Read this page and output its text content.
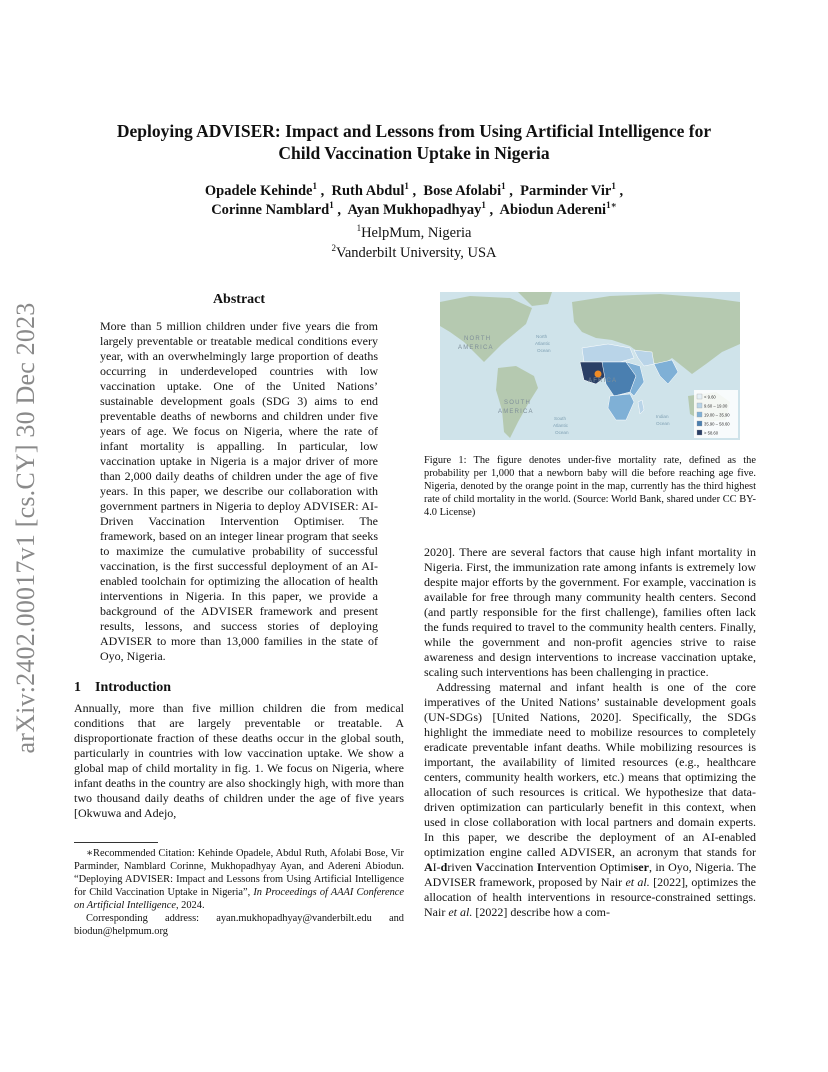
arXiv:2402.00017v1 [cs.CY] 30 Dec 2023
Deploying ADVISER: Impact and Lessons from Using Artificial Intelligence for
Child Vaccination Uptake in Nigeria
Opadele Kehinde$^1$ ,  Ruth Abdul$^1$ ,  Bose Afolabi$^1$ ,  Parminder Vir$^1$ ,
Corinne Namblard$^1$ ,  Ayan Mukhopadhyay$^1$ ,  Abiodun Adereni$^{1∗}$
$^1$HelpMum, Nigeria
$^2$Vanderbilt University, USA
Abstract

More than 5 million children under five years die from largely preventable or treatable medical conditions every year, with an overwhelmingly large proportion of deaths occurring in underdeveloped countries with low vaccination uptake. One of the United Nations’ sustainable development goals (SDG 3) aims to end preventable deaths of newborns and children under five years of age. We focus on Nigeria, where the rate of infant mortality is appalling. In particular, low vaccination uptake in Nigeria is a major driver of more than 2,000 daily deaths of children under the age of five years. In this paper, we describe our collaboration with government partners in Nigeria to deploy ADVISER: AI-Driven Vaccination Intervention Optimiser. The framework, based on an integer linear program that seeks to maximize the cumulative probability of successful vaccination, is the first successful deployment of an AI-enabled toolchain for optimizing the allocation of health interventions in Nigeria. In this paper, we provide a background of the ADVISER framework and present results, lessons, and success stories of deploying ADVISER to more than 13,000 families in the state of Oyo, Nigeria.

1 Introduction

Annually, more than five million children die from medical conditions that are largely preventable or treatable. A disproportionate fraction of these deaths occur in the global south, particularly in countries with low vaccination uptake. We show a global map of child mortality in fig. 1. We focus on Nigeria, where infant deaths in the country are also shockingly high, with more than two thousand daily deaths of children under the age of five years [Okwuwa and Adejo,

∗Recommended Citation: Kehinde Opadele, Abdul Ruth, Afolabi Bose, Vir Parminder, Namblard Corinne, Mukhopadhyay Ayan, and Adereni Abiodun. “Deploying ADVISER: Impact and Lessons from Using Artificial Intelligence for Child Vaccination Uptake in Nigeria”, In Proceedings of AAAI Conference on Artificial Intelligence, 2024.

Corresponding address: ayan.mukhopadhyay@vanderbilt.edu and biodun@helpmum.org

NORTH
AMERICA
North
Atlantic
Ocean
AFRICA
SOUTH
AMERICA
South
Atlantic
Ocean
Indian
Ocean
< 9.60
9.60 – 19.00
19.00 – 35.90
35.90 – 58.60
> 58.60

Figure 1: The figure denotes under-five mortality rate, defined as the probability per 1,000 that a newborn baby will die before reaching age five. Nigeria, denoted by the orange point in the map, currently has the third highest rate of child mortality in the world. (Source: World Bank, shared under CC BY-4.0 License)

2020]. There are several factors that cause high infant mortality in Nigeria. First, the immunization rate among infants is extremely low despite major efforts by the government. For example, vaccination is available for free through many community health centers. Second (and partly responsible for the first challenge), families often lack the funds required to travel to the community health centers. Finally, while the government and non-profit agencies strive to raise awareness and design interventions to increase vaccination uptake, scaling such interventions has been challenging in practice.

Addressing maternal and infant health is one of the core imperatives of the United Nations’ sustainable development goals (UN-SDGs) [United Nations, 2020]. Specifically, the SDGs highlight the immediate need to mobilize resources to completely eradicate preventable infant deaths. While mobilizing resources is important, the availability of limited resources (e.g., healthcare centers, community health workers, etc.) means that optimizing the allocation of such resources is critical. We hypothesize that data-driven optimization can particularly benefit in this context, when used in close collaboration with local partners and domain experts. In this paper, we describe the deployment of an AI-enabled optimization engine called ADVISER, an acronym that stands for AI-driven Vaccination Intervention Optimiser, in Oyo, Nigeria. The ADVISER framework, proposed by Nair et al. [2022], optimizes the allocation of health interventions in resource-constrained settings. Nair et al. [2022] describe how a com-
